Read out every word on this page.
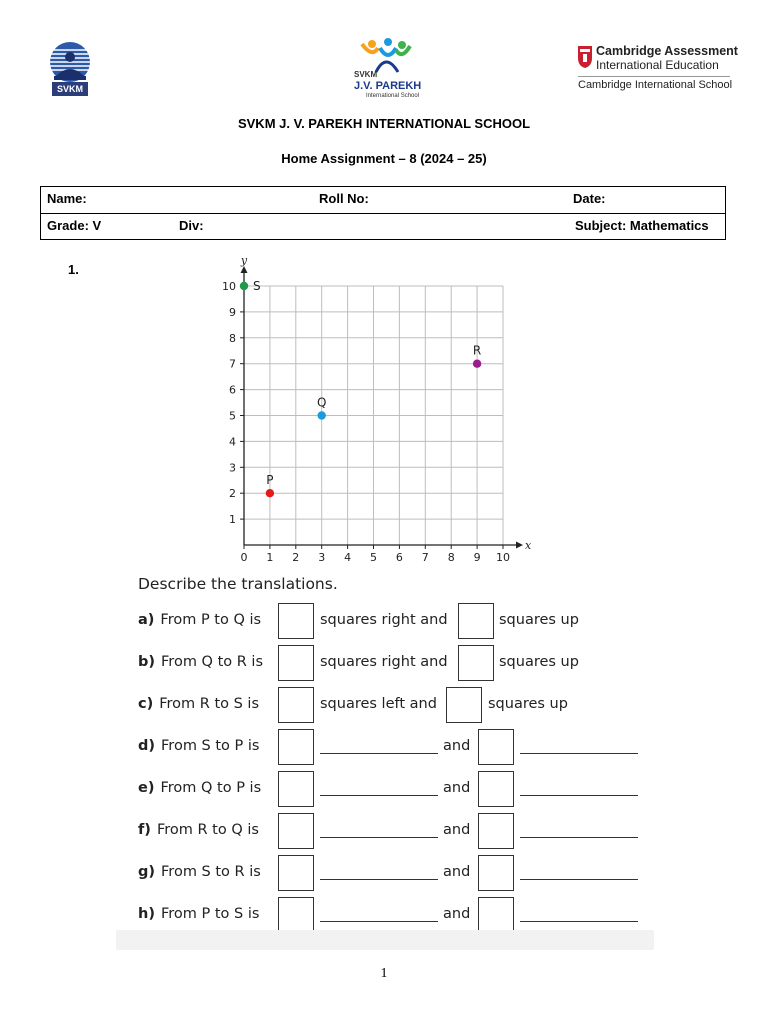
SVKM
SVKM
J.V. PAREKH
International School
Cambridge Assessment
International Education
Cambridge International School
SVKM J. V. PAREKH INTERNATIONAL SCHOOL
Home Assignment – 8 (2024 – 25)
Name:	Roll No:	Date:
Grade: V	Div:	Subject: Mathematics
1.
0 1 2 3 4 5 6 7 8 9 10
1
2
3
4
5
6
7
8
9
10
x
y
P
Q
R
S
Describe the translations.
a) From P to Q is	squares right and	squares up
b) From Q to R is	squares right and	squares up
c) From R to S is	squares left and	squares up
d) From S to P is	and
e) From Q to P is	and
f) From R to Q is	and
g) From S to R is	and
h) From P to S is	and
1
